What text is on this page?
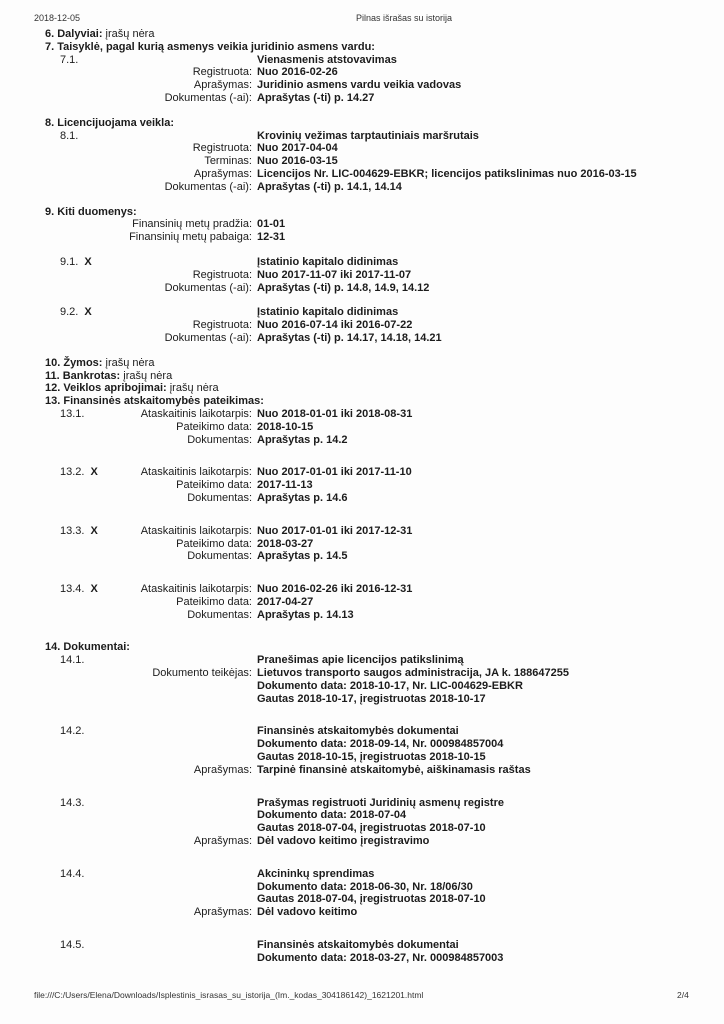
2018-12-05	Pilnas išrašas su istorija
6. Dalyviai: įrašų nėra
7. Taisyklė, pagal kurią asmenys veikia juridinio asmens vardu:
7.1.	Vienasmenis atstovavimas
Registruota: Nuo 2016-02-26
Aprašymas: Juridinio asmens vardu veikia vadovas
Dokumentas (-ai): Aprašytas (-ti) p. 14.27
8. Licencijuojama veikla:
8.1.	Krovinių vežimas tarptautiniais maršrutais
Registruota: Nuo 2017-04-04
Terminas: Nuo 2016-03-15
Aprašymas: Licencijos Nr. LIC-004629-EBKR; licencijos patikslinimas nuo 2016-03-15
Dokumentas (-ai): Aprašytas (-ti) p. 14.1, 14.14
9. Kiti duomenys:
Finansinių metų pradžia: 01-01
Finansinių metų pabaiga: 12-31
9.1. X	Įstatinio kapitalo didinimas
Registruota: Nuo 2017-11-07 iki 2017-11-07
Dokumentas (-ai): Aprašytas (-ti) p. 14.8, 14.9, 14.12
9.2. X	Įstatinio kapitalo didinimas
Registruota: Nuo 2016-07-14 iki 2016-07-22
Dokumentas (-ai): Aprašytas (-ti) p. 14.17, 14.18, 14.21
10. Žymos: įrašų nėra
11. Bankrotas: įrašų nėra
12. Veiklos apribojimai: įrašų nėra
13. Finansinės atskaitomybės pateikimas:
13.1.	Ataskaitinis laikotarpis: Nuo 2018-01-01 iki 2018-08-31
Pateikimo data: 2018-10-15
Dokumentas: Aprašytas p. 14.2
13.2. X	Ataskaitinis laikotarpis: Nuo 2017-01-01 iki 2017-11-10
Pateikimo data: 2017-11-13
Dokumentas: Aprašytas p. 14.6
13.3. X	Ataskaitinis laikotarpis: Nuo 2017-01-01 iki 2017-12-31
Pateikimo data: 2018-03-27
Dokumentas: Aprašytas p. 14.5
13.4. X	Ataskaitinis laikotarpis: Nuo 2016-02-26 iki 2016-12-31
Pateikimo data: 2017-04-27
Dokumentas: Aprašytas p. 14.13
14. Dokumentai:
14.1.	Pranešimas apie licencijos patikslinimą
Dokumento teikėjas: Lietuvos transporto saugos administracija, JA k. 188647255
Dokumento data: 2018-10-17, Nr. LIC-004629-EBKR
Gautas 2018-10-17, įregistruotas 2018-10-17
14.2.	Finansinės atskaitomybės dokumentai
Dokumento data: 2018-09-14, Nr. 000984857004
Gautas 2018-10-15, įregistruotas 2018-10-15
Aprašymas: Tarpinė finansinė atskaitomybė, aiškinamasis raštas
14.3.	Prašymas registruoti Juridinių asmenų registre
Dokumento data: 2018-07-04
Gautas 2018-07-04, įregistruotas 2018-07-10
Aprašymas: Dėl vadovo keitimo įregistravimo
14.4.	Akcininkų sprendimas
Dokumento data: 2018-06-30, Nr. 18/06/30
Gautas 2018-07-04, įregistruotas 2018-07-10
Aprašymas: Dėl vadovo keitimo
14.5.	Finansinės atskaitomybės dokumentai
Dokumento data: 2018-03-27, Nr. 000984857003
file:///C:/Users/Elena/Downloads/Isplestinis_israsas_su_istorija_(Im._kodas_304186142)_1621201.html	2/4
